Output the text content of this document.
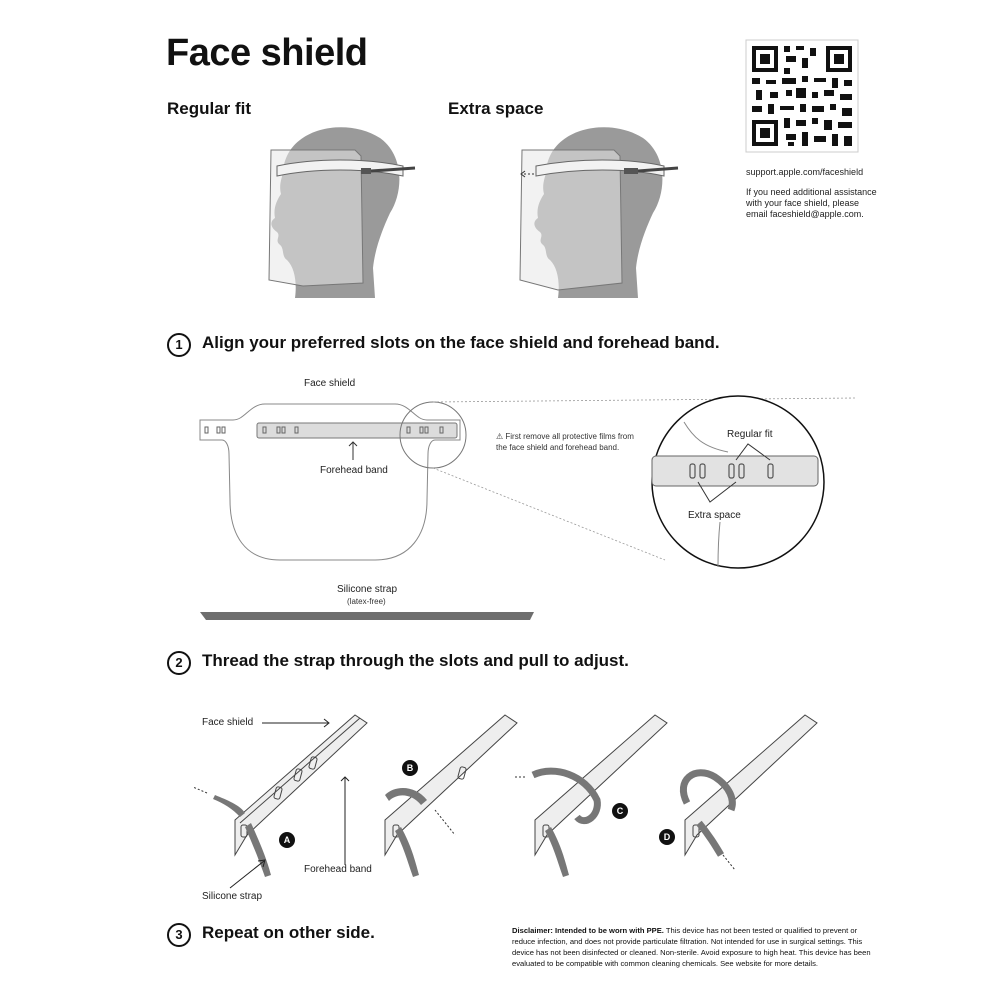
Face shield
Regular fit	Extra space
support.apple.com/faceshield
If you need additional assistance
with your face shield, please
email faceshield@apple.com.
1	Align your preferred slots on the face shield and forehead band.
Face shield
Forehead band
⚠ First remove all protective films from
the face shield and forehead band.
Regular fit
Extra space
Silicone strap
(latex-free)
2	Thread the strap through the slots and pull to adjust.
A
B
C
D
Face shield
Forehead band
Silicone strap
3	Repeat on other side.	Disclaimer: Intended to be worn with PPE. This device has not been tested or qualified to prevent or reduce infection, and does not provide particulate filtration. Not intended for use in surgical settings. This device has not been disinfected or cleaned. Non-sterile. Avoid exposure to high heat. This device has been evaluated to be compatible with common cleaning chemicals. See website for more details.
